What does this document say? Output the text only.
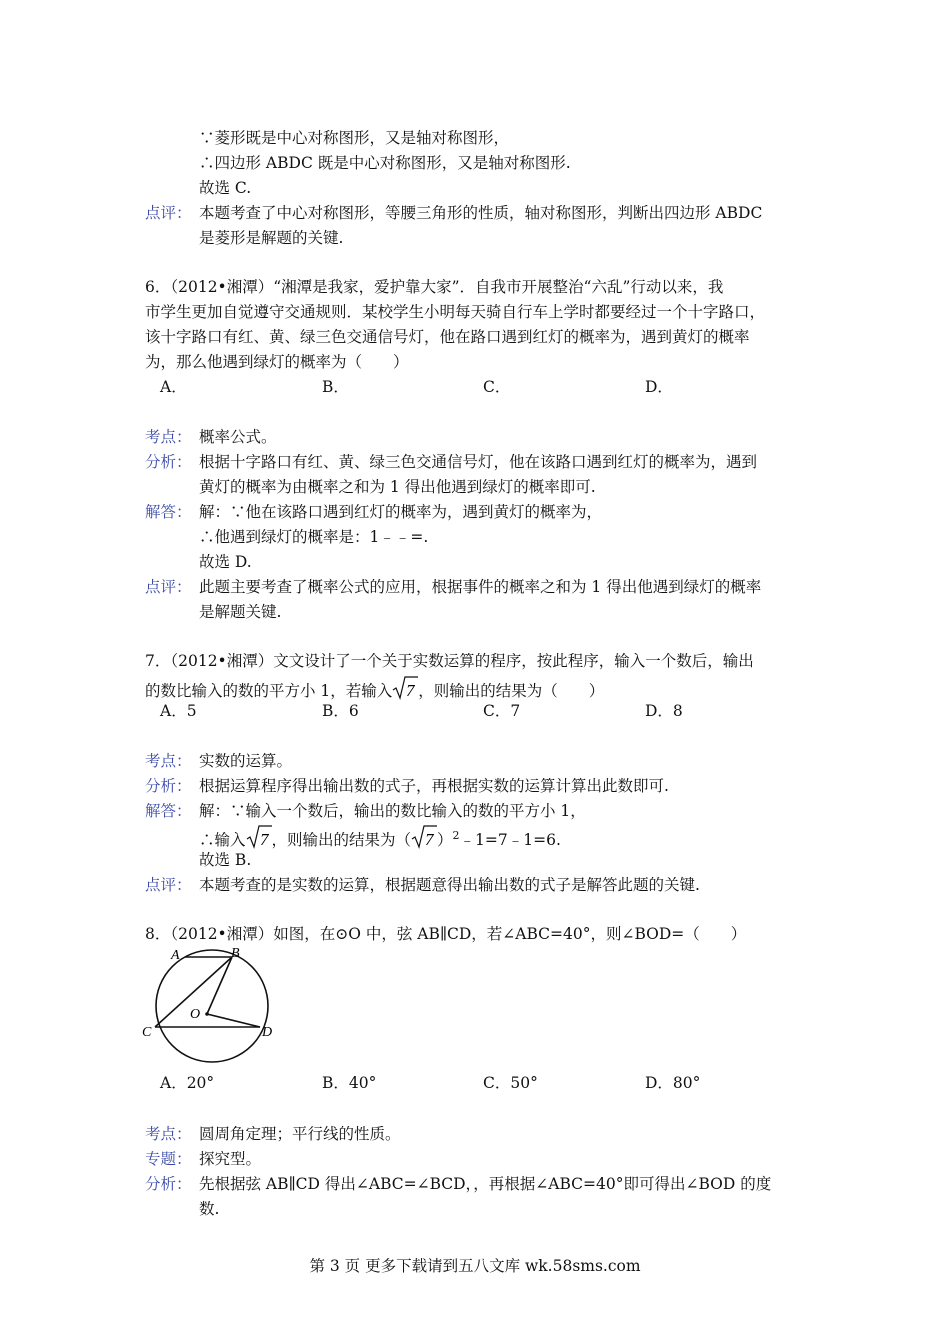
∵菱形既是中心对称图形，又是轴对称图形，
∴四边形 ABDC 既是中心对称图形，又是轴对称图形.
故选 C.
点评： 本题考查了中心对称图形，等腰三角形的性质，轴对称图形，判断出四边形 ABDC
是菱形是解题的关键.
6．（2012•湘潭）“湘潭是我家，爱护靠大家”．自我市开展整治“六乱”行动以来，我
市学生更加自觉遵守交通规则．某校学生小明每天骑自行车上学时都要经过一个十字路口，
该十字路口有红、黄、绿三色交通信号灯，他在路口遇到红灯的概率为，遇到黄灯的概率
为，那么他遇到绿灯的概率为（　　）
A．	B．	C．	D．
考点： 概率公式。
分析： 根据十字路口有红、黄、绿三色交通信号灯，他在该路口遇到红灯的概率为，遇到
黄灯的概率为由概率之和为 1 得出他遇到绿灯的概率即可.
解答： 解：∵他在该路口遇到红灯的概率为，遇到黄灯的概率为，
∴他遇到绿灯的概率是：1﹣﹣=.
故选 D.
点评： 此题主要考查了概率公式的应用，根据事件的概率之和为 1 得出他遇到绿灯的概率
是解题关键.
7．（2012•湘潭）文文设计了一个关于实数运算的程序，按此程序，输入一个数后，输出
的数比输入的数的平方小 1，若输入 7 ，则输出的结果为（　　）
A．5	B．6	C．7	D．8
考点： 实数的运算。
分析： 根据运算程序得出输出数的式子，再根据实数的运算计算出此数即可.
解答： 解：∵输入一个数后，输出的数比输入的数的平方小 1，
∴输入 7 ，则输出的结果为（ 7 ）$^2$﹣1=7﹣1=6.
故选 B.
点评： 本题考查的是实数的运算，根据题意得出输出数的式子是解答此题的关键.
8．（2012•湘潭）如图，在⊙O 中，弦 AB∥CD，若∠ABC=40°，则∠BOD=（　　）
A	B
O
C	D
A．20°	B．40°	C．50°	D．80°
考点： 圆周角定理；平行线的性质。
专题： 探究型。
分析： 先根据弦 AB∥CD 得出∠ABC=∠BCD，，再根据∠ABC=40°即可得出∠BOD 的度
数.
第 3 页 更多下载请到五八文库 wk.58sms.com
